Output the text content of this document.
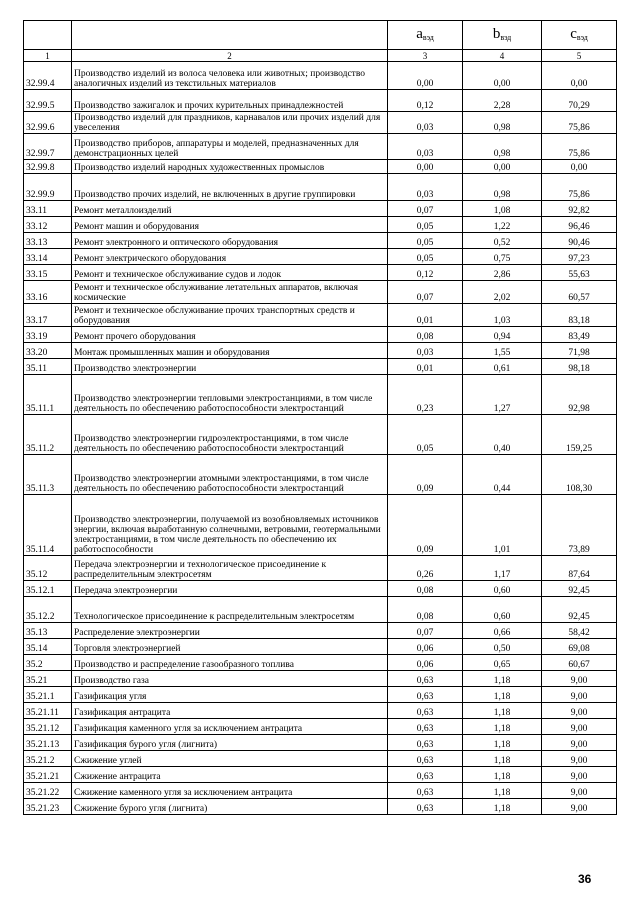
		$a_{вэд}$	$b_{вэд}$	$c_{вэд}$
1	2	3	4	5
32.99.4	Производство изделий из волоса человека или животных; производство аналогичных изделий из текстильных материалов	0,00	0,00	0,00
32.99.5	Производство зажигалок и прочих курительных принадлежностей	0,12	2,28	70,29
32.99.6	Производство изделий для праздников, карнавалов или прочих изделий для увеселения	0,03	0,98	75,86
32.99.7	Производство приборов, аппаратуры и моделей, предназначенных для демонстрационных целей	0,03	0,98	75,86
32.99.8	Производство изделий народных художественных промыслов	0,00	0,00	0,00
32.99.9	Производство прочих изделий, не включенных в другие группировки	0,03	0,98	75,86
33.11	Ремонт металлоизделий	0,07	1,08	92,82
33.12	Ремонт машин и оборудования	0,05	1,22	96,46
33.13	Ремонт электронного и оптического оборудования	0,05	0,52	90,46
33.14	Ремонт электрического оборудования	0,05	0,75	97,23
33.15	Ремонт и техническое обслуживание судов и лодок	0,12	2,86	55,63
33.16	Ремонт и техническое обслуживание летательных аппаратов, включая космические	0,07	2,02	60,57
33.17	Ремонт и техническое обслуживание прочих транспортных средств и оборудования	0,01	1,03	83,18
33.19	Ремонт прочего оборудования	0,08	0,94	83,49
33.20	Монтаж промышленных машин и оборудования	0,03	1,55	71,98
35.11	Производство электроэнергии	0,01	0,61	98,18
35.11.1	Производство электроэнергии тепловыми электростанциями, в том числе деятельность по обеспечению работоспособности электростанций	0,23	1,27	92,98
35.11.2	Производство электроэнергии гидроэлектростанциями, в том числе деятельность по обеспечению работоспособности электростанций	0,05	0,40	159,25
35.11.3	Производство электроэнергии атомными электростанциями, в том числе деятельность по обеспечению работоспособности электростанций	0,09	0,44	108,30
35.11.4	Производство электроэнергии, получаемой из возобновляемых источников энергии, включая выработанную солнечными, ветровыми, геотермальными электростанциями, в том числе деятельность по обеспечению их работоспособности	0,09	1,01	73,89
35.12	Передача электроэнергии и технологическое присоединение к распределительным электросетям	0,26	1,17	87,64
35.12.1	Передача электроэнергии	0,08	0,60	92,45
35.12.2	Технологическое присоединение к распределительным электросетям	0,08	0,60	92,45
35.13	Распределение электроэнергии	0,07	0,66	58,42
35.14	Торговля электроэнергией	0,06	0,50	69,08
35.2	Производство и распределение газообразного топлива	0,06	0,65	60,67
35.21	Производство газа	0,63	1,18	9,00
35.21.1	Газификация угля	0,63	1,18	9,00
35.21.11	Газификация антрацита	0,63	1,18	9,00
35.21.12	Газификация каменного угля за исключением антрацита	0,63	1,18	9,00
35.21.13	Газификация бурого угля (лигнита)	0,63	1,18	9,00
35.21.2	Сжижение углей	0,63	1,18	9,00
35.21.21	Сжижение антрацита	0,63	1,18	9,00
35.21.22	Сжижение каменного угля за исключением антрацита	0,63	1,18	9,00
35.21.23	Сжижение бурого угля (лигнита)	0,63	1,18	9,00
36
